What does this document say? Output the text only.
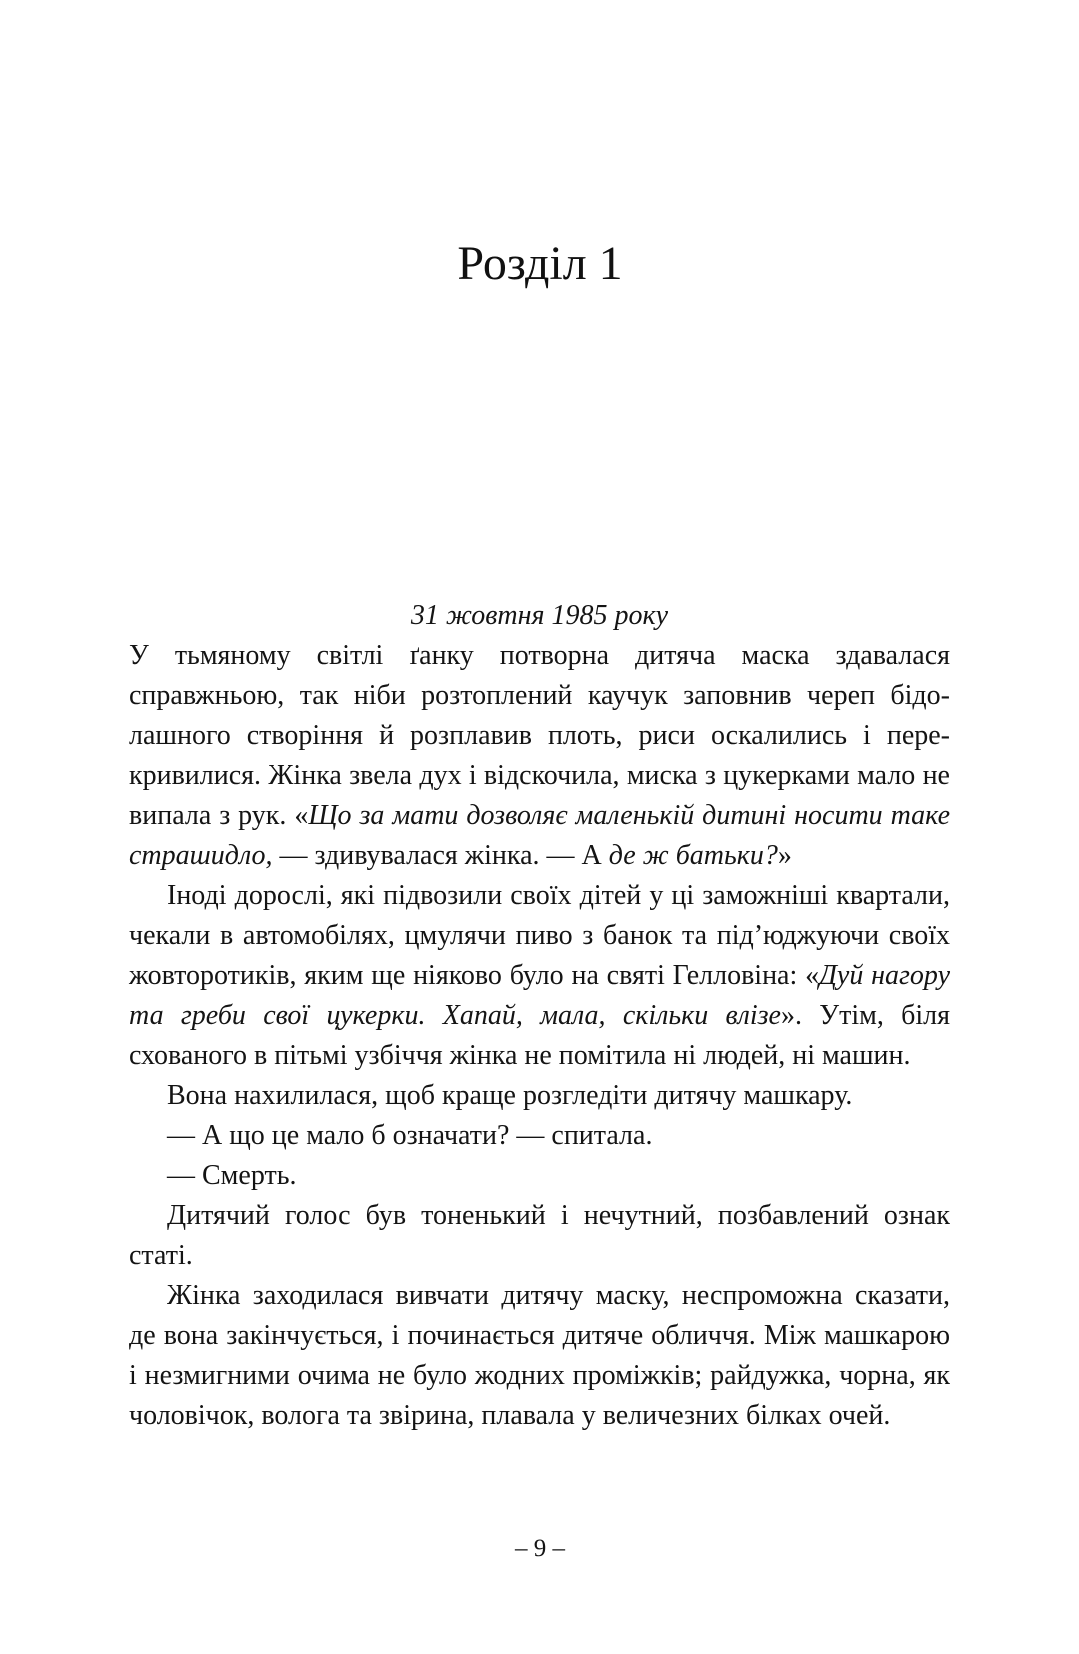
Розділ 1

31 жовтня 1985 року

У тьмяному світлі ґанку потворна дитяча маска здавалася справжньою, так ніби розтоплений каучук заповнив череп бідолашного створіння й розплавив плоть, риси оскалились і перекривилися. Жінка звела дух і відскочила, миска з цукерками мало не випала з рук. «Що за мати дозволяє маленькій дитині носити таке страшидло, — здивувалася жінка. — А де ж батьки?»

Іноді дорослі, які підвозили своїх дітей у ці заможніші квартали, чекали в автомобілях, цмулячи пиво з банок та під’юджуючи своїх жовторотиків, яким ще ніяково було на святі Гелловіна: «Дуй нагору та греби свої цукерки. Хапай, мала, скільки влізе». Утім, біля схованого в пітьмі узбіччя жінка не помітила ні людей, ні машин.

Вона нахилилася, щоб краще розгледіти дитячу машкару.

— А що це мало б означати? — спитала.

— Смерть.

Дитячий голос був тоненький і нечутний, позбавлений ознак статі.

Жінка заходилася вивчати дитячу маску, неспроможна сказати, де вона закінчується, і починається дитяче обличчя. Між машкарою і незмигними очима не було жодних проміжків; райдужка, чорна, як чоловічок, волога та звірина, плавала у величезних білках очей.

– 9 –
